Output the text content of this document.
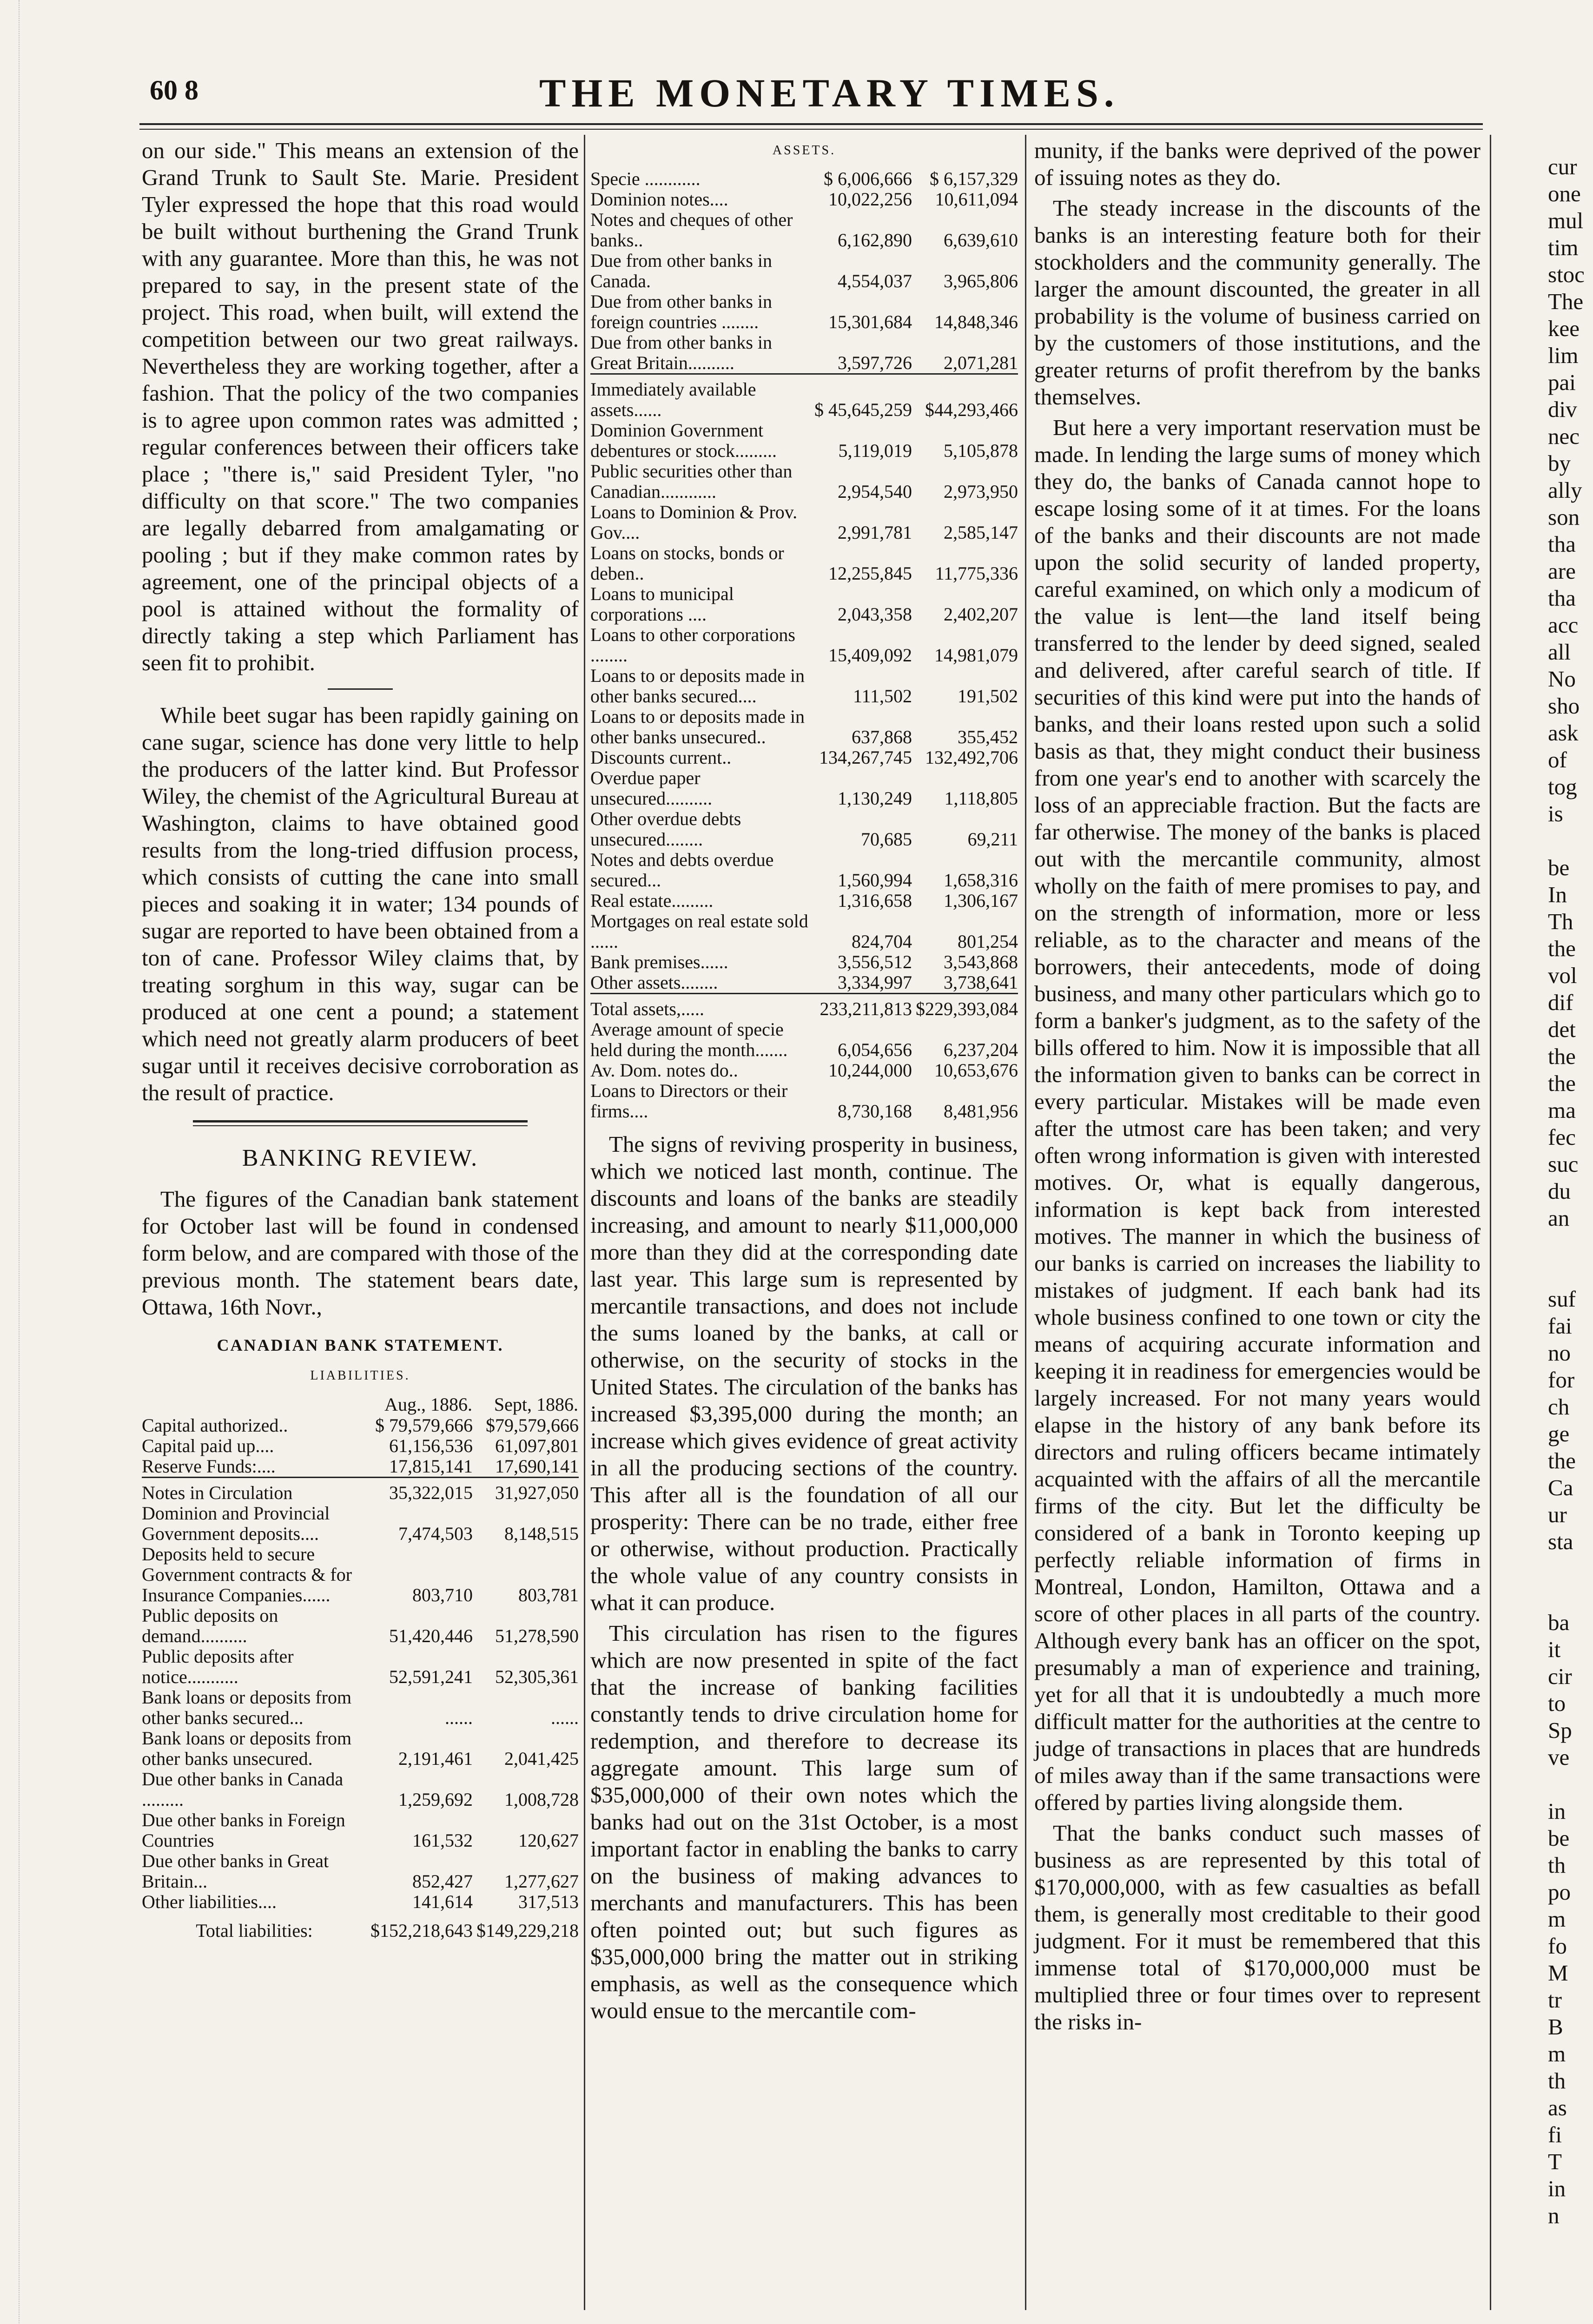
60 8	THE MONETARY TIMES.

on our side." This means an extension of the Grand Trunk to Sault Ste. Marie. President Tyler expressed the hope that this road would be built without burthening the Grand Trunk with any guarantee. More than this, he was not prepared to say, in the present state of the project. This road, when built, will extend the competition between our two great railways. Nevertheless they are working together, after a fashion. That the policy of the two companies is to agree upon common rates was admitted ; regular conferences between their officers take place ; "there is," said President Tyler, "no difficulty on that score." The two companies are legally debarred from amalgamating or pooling ; but if they make common rates by agreement, one of the principal objects of a pool is attained without the formality of directly taking a step which Parliament has seen fit to prohibit.

While beet sugar has been rapidly gaining on cane sugar, science has done very little to help the producers of the latter kind. But Professor Wiley, the chemist of the Agricultural Bureau at Washington, claims to have obtained good results from the long-tried diffusion process, which consists of cutting the cane into small pieces and soaking it in water; 134 pounds of sugar are reported to have been obtained from a ton of cane. Professor Wiley claims that, by treating sorghum in this way, sugar can be produced at one cent a pound; a statement which need not greatly alarm producers of beet sugar until it receives decisive corroboration as the result of practice.

BANKING REVIEW.

The figures of the Canadian bank statement for October last will be found in condensed form below, and are compared with those of the previous month. The statement bears date, Ottawa, 16th Novr.,

CANADIAN BANK STATEMENT.
LIABILITIES.
	Aug., 1886.	Sept, 1886.
Capital authorized..	$ 79,579,666	$79,579,666
Capital paid up....	61,156,536	61,097,801
Reserve Funds:....	17,815,141	17,690,141
Notes in Circulation	35,322,015	31,927,050
Dominion and Provincial Government deposits....	7,474,503	8,148,515
Deposits held to secure Government contracts & for Insurance Companies......	803,710	803,781
Public deposits on demand..........	51,420,446	51,278,590
Public deposits after notice...........	52,591,241	52,305,361
Bank loans or deposits from other banks secured...	......	......
Bank loans or deposits from other banks unsecured.	2,191,461	2,041,425
Due other banks in Canada .........	1,259,692	1,008,728
Due other banks in Foreign Countries	161,532	120,627
Due other banks in Great Britain...	852,427	1,277,627
Other liabilities....	141,614	317,513
Total liabilities:	$152,218,643	$149,229,218
ASSETS.
Specie ............	$ 6,006,666	$ 6,157,329
Dominion notes....	10,022,256	10,611,094
Notes and cheques of other banks..	6,162,890	6,639,610
Due from other banks in Canada.	4,554,037	3,965,806
Due from other banks in foreign countries ........	15,301,684	14,848,346
Due from other banks in Great Britain..........	3,597,726	2,071,281
Immediately available assets......	$ 45,645,259	$44,293,466
Dominion Government debentures or stock.........	5,119,019	5,105,878
Public securities other than Canadian............	2,954,540	2,973,950
Loans to Dominion & Prov. Gov....	2,991,781	2,585,147
Loans on stocks, bonds or deben..	12,255,845	11,775,336
Loans to municipal corporations ....	2,043,358	2,402,207
Loans to other corporations ........	15,409,092	14,981,079
Loans to or deposits made in other banks secured....	111,502	191,502
Loans to or deposits made in other banks unsecured..	637,868	355,452
Discounts current..	134,267,745	132,492,706
Overdue paper unsecured..........	1,130,249	1,118,805
Other overdue debts unsecured........	70,685	69,211
Notes and debts overdue secured...	1,560,994	1,658,316
Real estate.........	1,316,658	1,306,167
Mortgages on real estate sold ......	824,704	801,254
Bank premises......	3,556,512	3,543,868
Other assets........	3,334,997	3,738,641
Total assets,.....	233,211,813	$229,393,084
Average amount of specie held during the month.......	6,054,656	6,237,204
Av. Dom. notes do..	10,244,000	10,653,676
Loans to Directors or their firms....	8,730,168	8,481,956

The signs of reviving prosperity in business, which we noticed last month, continue. The discounts and loans of the banks are steadily increasing, and amount to nearly $11,000,000 more than they did at the corresponding date last year. This large sum is represented by mercantile transactions, and does not include the sums loaned by the banks, at call or otherwise, on the security of stocks in the United States. The circulation of the banks has increased $3,395,000 during the month; an increase which gives evidence of great activity in all the producing sections of the country. This after all is the foundation of all our prosperity: There can be no trade, either free or otherwise, without production. Practically the whole value of any country consists in what it can produce.

This circulation has risen to the figures which are now presented in spite of the fact that the increase of banking facilities constantly tends to drive circulation home for redemption, and therefore to decrease its aggregate amount. This large sum of $35,000,000 of their own notes which the banks had out on the 31st October, is a most important factor in enabling the banks to carry on the business of making advances to merchants and manufacturers. This has been often pointed out; but such figures as $35,000,000 bring the matter out in striking emphasis, as well as the consequence which would ensue to the mercantile com-

munity, if the banks were deprived of the power of issuing notes as they do.

The steady increase in the discounts of the banks is an interesting feature both for their stockholders and the community generally. The larger the amount discounted, the greater in all probability is the volume of business carried on by the customers of those institutions, and the greater returns of profit therefrom by the banks themselves.

But here a very important reservation must be made. In lending the large sums of money which they do, the banks of Canada cannot hope to escape losing some of it at times. For the loans of the banks and their discounts are not made upon the solid security of landed property, careful examined, on which only a modicum of the value is lent—the land itself being transferred to the lender by deed signed, sealed and delivered, after careful search of title. If securities of this kind were put into the hands of banks, and their loans rested upon such a solid basis as that, they might conduct their business from one year's end to another with scarcely the loss of an appreciable fraction. But the facts are far otherwise. The money of the banks is placed out with the mercantile community, almost wholly on the faith of mere promises to pay, and on the strength of information, more or less reliable, as to the character and means of the borrowers, their antecedents, mode of doing business, and many other particulars which go to form a banker's judgment, as to the safety of the bills offered to him. Now it is impossible that all the information given to banks can be correct in every particular. Mistakes will be made even after the utmost care has been taken; and very often wrong information is given with interested motives. Or, what is equally dangerous, information is kept back from interested motives. The manner in which the business of our banks is carried on increases the liability to mistakes of judgment. If each bank had its whole business confined to one town or city the means of acquiring accurate information and keeping it in readiness for emergencies would be largely increased. For not many years would elapse in the history of any bank before its directors and ruling officers became intimately acquainted with the affairs of all the mercantile firms of the city. But let the difficulty be considered of a bank in Toronto keeping up perfectly reliable information of firms in Montreal, London, Hamilton, Ottawa and a score of other places in all parts of the country. Although every bank has an officer on the spot, presumably a man of experience and training, yet for all that it is undoubtedly a much more difficult matter for the authorities at the centre to judge of transactions in places that are hundreds of miles away than if the same transactions were offered by parties living alongside them.

That the banks conduct such masses of business as are represented by this total of $170,000,000, with as few casualties as befall them, is generally most creditable to their good judgment. For it must be remembered that this immense total of $170,000,000 must be multiplied three or four times over to represent the risks in-

cur
one
mul
tim
stoc
The
kee
lim
pai
div
nec
by
ally
son
tha
are
tha
acc
all
No
sho
ask
of
tog
is
be
In
Th
the
vol
dif
det
the
the
ma
fec
suc
du
an
suf
fai
no
for
ch
ge
the
Ca
ur
sta
ba
it
cir
to
Sp
ve
in
be
th
po
m
fo
M
tr
B
m
th
as
fi
T
in
n
